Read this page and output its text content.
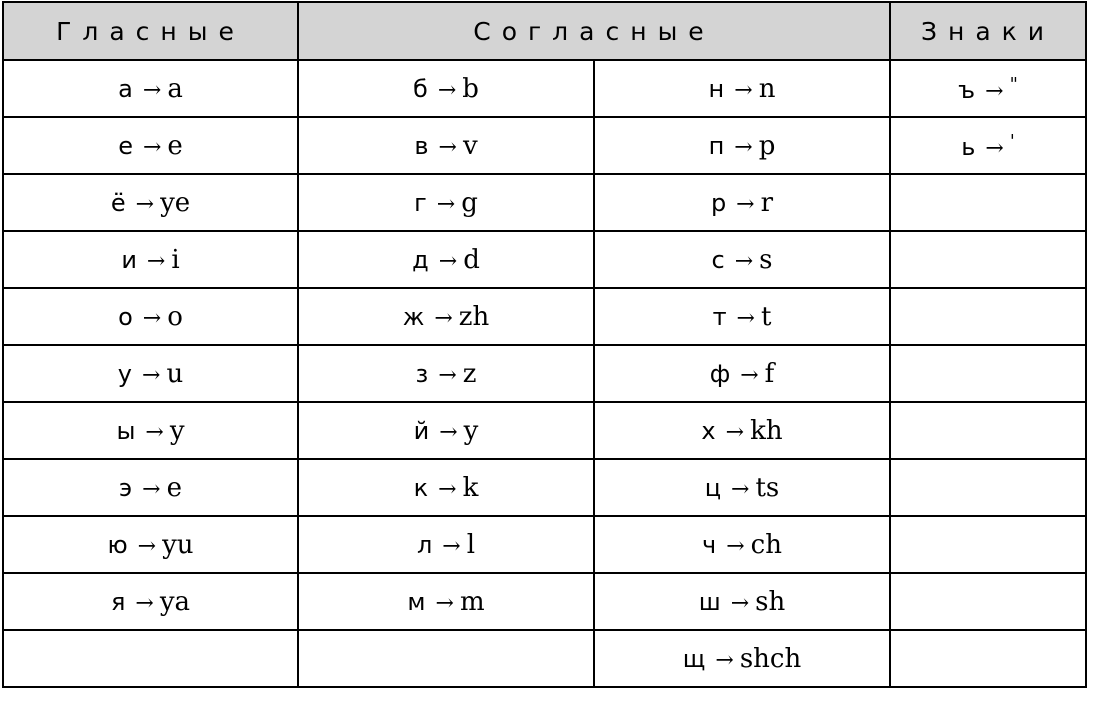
Гласные	Согласные		Знаки
а → a	б → b	н → n	ъ → "
е → e	в → v	п → p	ь → '
ё → ye	г → g	р → r	
и → i	д → d	с → s	
о → o	ж → zh	т → t	
у → u	з → z	ф → f	
ы → y	й → y	х → kh	
э → e	к → k	ц → ts	
ю → yu	л → l	ч → ch	
я → ya	м → m	ш → sh	
		щ → shch	
